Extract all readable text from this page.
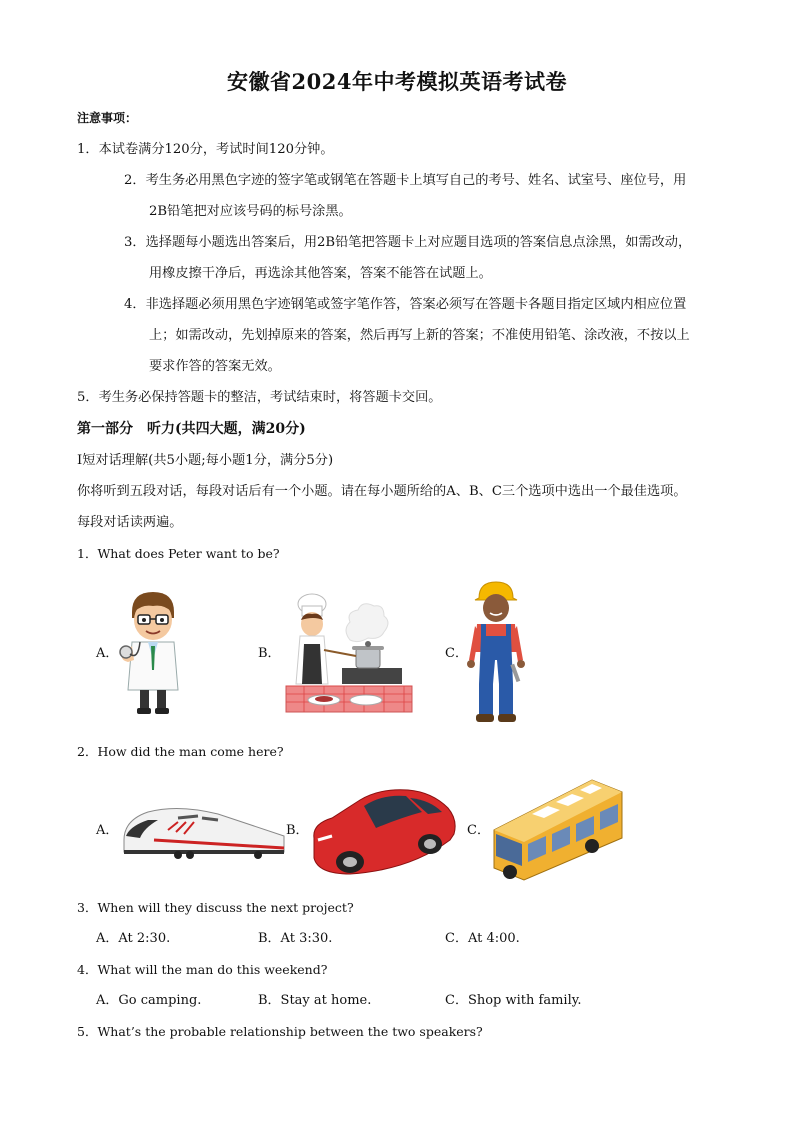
安徽省2024年中考模拟英语考试卷
注意事项：
1．本试卷满分120分，考试时间120分钟。
2．考生务必用黑色字迹的签字笔或钢笔在答题卡上填写自己的考号、姓名、试室号、座位号，用
2B铅笔把对应该号码的标号涂黑。
3．选择题每小题选出答案后，用2B铅笔把答题卡上对应题目选项的答案信息点涂黑，如需改动，
用橡皮擦干净后，再选涂其他答案，答案不能答在试题上。
4．非选择题必须用黑色字迹钢笔或签字笔作答，答案必须写在答题卡各题目指定区域内相应位置
上；如需改动，先划掉原来的答案，然后再写上新的答案；不准使用铅笔、涂改液，不按以上
要求作答的答案无效。
5．考生务必保持答题卡的整洁，考试结束时，将答题卡交回。
第一部分　听力(共四大题，满20分)
Ⅰ短对话理解(共5小题;每小题1分，满分5分)
你将听到五段对话，每段对话后有一个小题。请在每小题所给的A、B、C三个选项中选出一个最佳选项。
每段对话读两遍。
1．What does Peter want to be?
A．	B．	C．
2．How did the man come here?
A．	B．	C．
3．When will they discuss the next project?
A．At 2:30.	B．At 3:30.	C．At 4:00.
4．What will the man do this weekend?
A．Go camping.	B．Stay at home.	C．Shop with family.
5．What’s the probable relationship between the two speakers?
